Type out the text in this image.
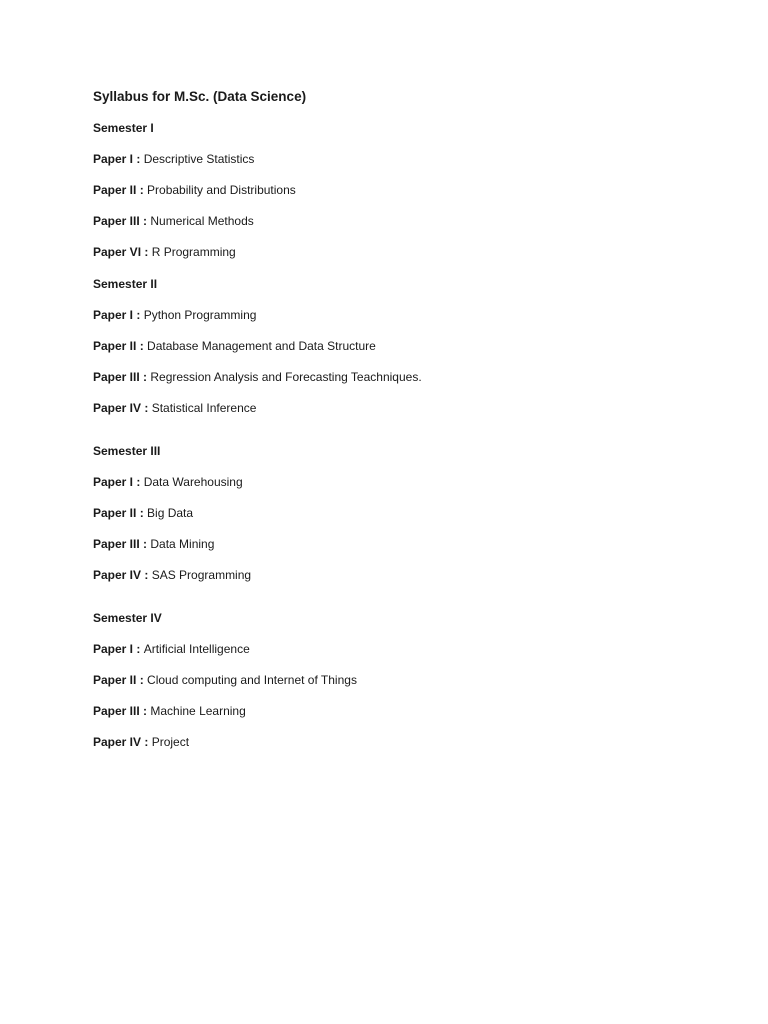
Syllabus for M.Sc. (Data Science)
Semester I
Paper I : Descriptive Statistics
Paper II : Probability and Distributions
Paper III : Numerical Methods
Paper VI : R Programming
Semester II
Paper I : Python Programming
Paper II : Database Management and Data Structure
Paper III : Regression Analysis and Forecasting Teachniques.
Paper IV : Statistical Inference
Semester III
Paper I : Data Warehousing
Paper II : Big Data
Paper III : Data Mining
Paper IV : SAS Programming
Semester IV
Paper I : Artificial Intelligence
Paper II : Cloud computing and Internet of Things
Paper III : Machine Learning
Paper IV : Project
